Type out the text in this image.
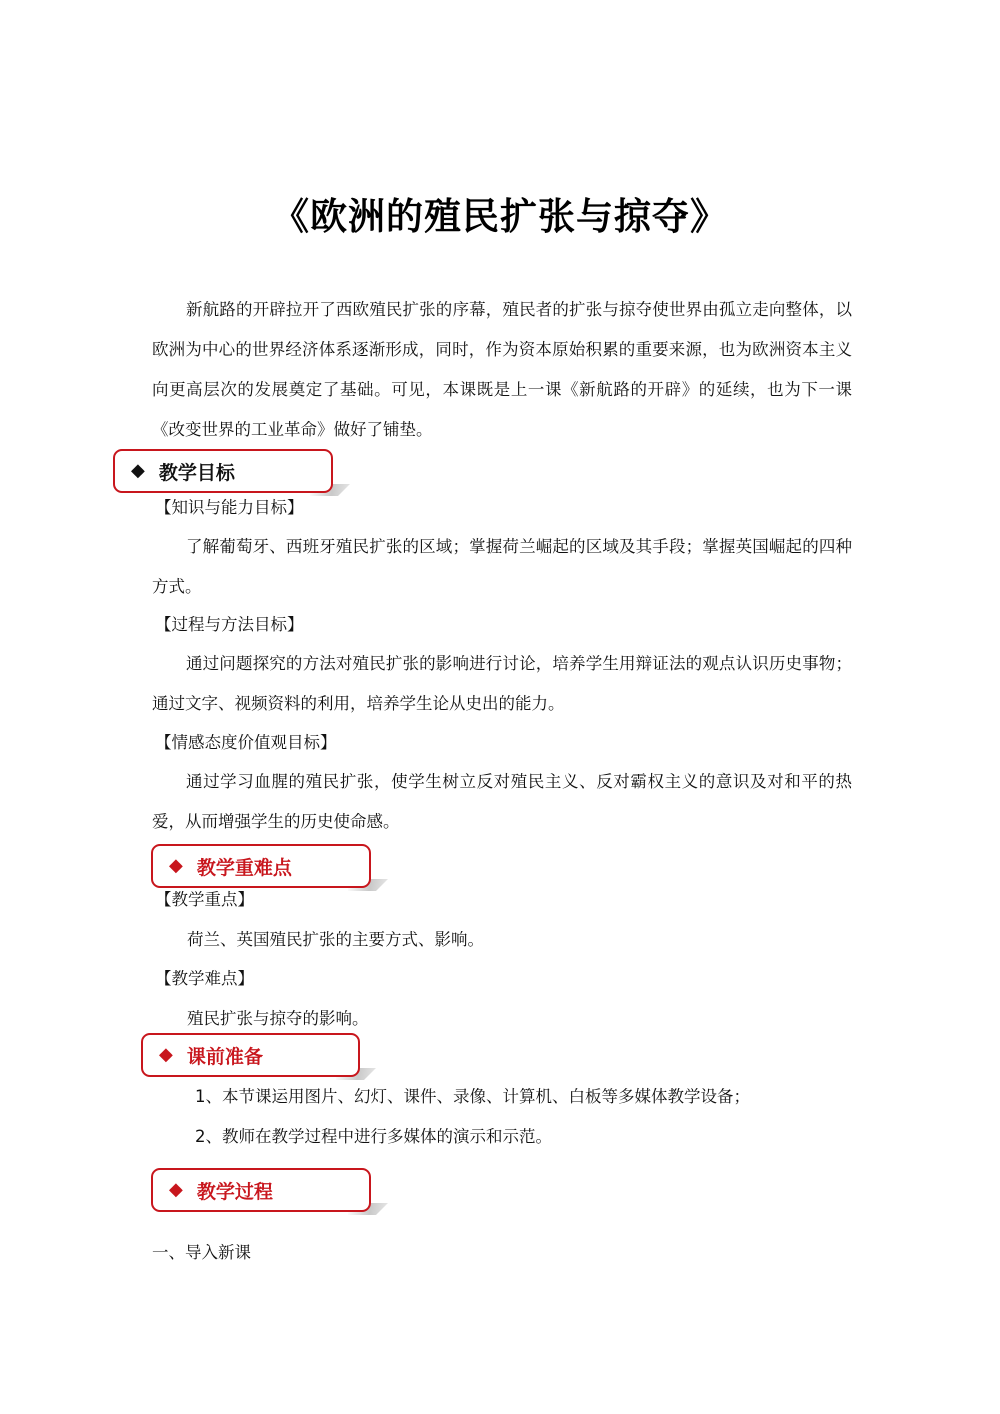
《欧洲的殖民扩张与掠夺》
新航路的开辟拉开了西欧殖民扩张的序幕，殖民者的扩张与掠夺使世界由孤立走向整体，以欧洲为中心的世界经济体系逐渐形成，同时，作为资本原始积累的重要来源，也为欧洲资本主义向更高层次的发展奠定了基础。可见，本课既是上一课《新航路的开辟》的延续，也为下一课《改变世界的工业革命》做好了铺垫。
◆ 教学目标
【知识与能力目标】
了解葡萄牙、西班牙殖民扩张的区域；掌握荷兰崛起的区域及其手段；掌握英国崛起的四种方式。
【过程与方法目标】
通过问题探究的方法对殖民扩张的影响进行讨论，培养学生用辩证法的观点认识历史事物；通过文字、视频资料的利用，培养学生论从史出的能力。
【情感态度价值观目标】
通过学习血腥的殖民扩张，使学生树立反对殖民主义、反对霸权主义的意识及对和平的热爱，从而增强学生的历史使命感。
◆ 教学重难点
【教学重点】
荷兰、英国殖民扩张的主要方式、影响。
【教学难点】
殖民扩张与掠夺的影响。
◆ 课前准备
1、本节课运用图片、幻灯、课件、录像、计算机、白板等多媒体教学设备；
2、教师在教学过程中进行多媒体的演示和示范。
◆ 教学过程
一、导入新课
